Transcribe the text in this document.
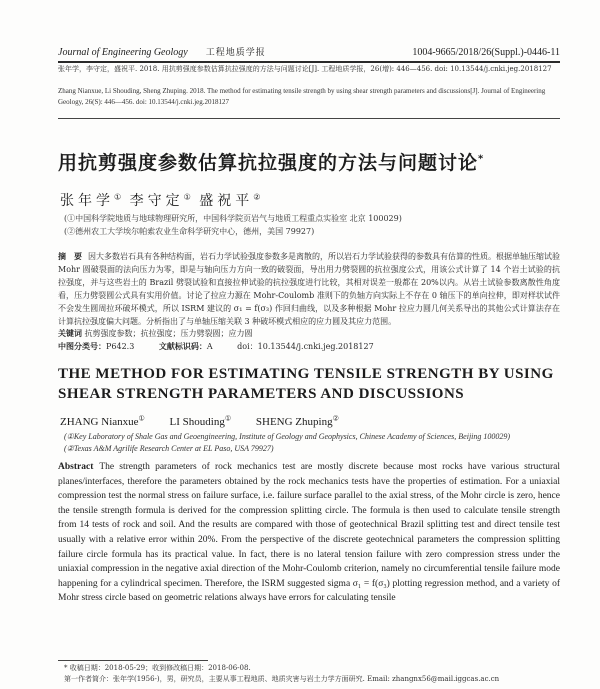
Journal of Engineering Geology 工程地质学报	1004-9665/2018/26(Suppl.)-0446-11
张年学，李守定，盛祝平. 2018. 用抗剪强度参数估算抗拉强度的方法与问题讨论[J]. 工程地质学报，26(增): 446—456. doi: 10.13544/j.cnki.jeg.2018127
Zhang Nianxue, Li Shouding, Sheng Zhuping. 2018. The method for estimating tensile strength by using shear strength parameters and discussions[J]. Journal of Engineering Geology, 26(S): 446—456. doi: 10.13544/j.cnki.jeg.2018127
用抗剪强度参数估算抗拉强度的方法与问题讨论*
张年学① 李守定① 盛祝平②
(①中国科学院地质与地球物理研究所，中国科学院页岩气与地质工程重点实验室 北京 100029)
(②德州农工大学埃尔帕索农业生命科学研究中心，德州，美国 79927)
摘　要 因大多数岩石具有各种结构面，岩石力学试验强度参数多是离散的，所以岩石力学试验获得的参数具有估算的性质。根据单轴压缩试验 Mohr 圆破裂面的法向压力为零，即是与轴向压力方向一致的破裂面，导出用力劈裂圆的抗拉强度公式，用该公式计算了 14 个岩土试验的抗拉强度，并与这些岩土的 Brazil 劈裂试验和直接拉伸试验的抗拉强度进行比较，其相对误差一般都在 20%以内。从岩土试验参数离散性角度看，压力劈裂圆公式具有实用价值。讨论了拉应力源在 Mohr-Coulomb 准则下的负轴方向实际上不存在 0 轴压下的单向拉伸，即对样状试件不会发生圆周拉环破坏模式，所以 ISRM 建议的 σ₁ = f(σ₃) 作回归曲线，以及多种根据 Mohr 拉应力圆几何关系导出的其他公式计算法存在计算抗拉强度偏大问题。分析指出了与单轴压缩关联 3 种破坏模式相应的应力圆及其应力范围。
关键词 抗剪强度参数；抗拉强度；压力劈裂圆；应力圆
中图分类号：P642.3	文献标识码：A	doi：10.13544/j.cnki.jeg.2018127
THE METHOD FOR ESTIMATING TENSILE STRENGTH BY USING SHEAR STRENGTH PARAMETERS AND DISCUSSIONS
ZHANG Nianxue① LI Shouding① SHENG Zhuping②
(①Key Laboratory of Shale Gas and Geoengineering, Institute of Geology and Geophysics, Chinese Academy of Sciences, Beijing 100029)
(②Texas A&M Agrilife Research Center at EL Paso, USA 79927)
Abstract The strength parameters of rock mechanics test are mostly discrete because most rocks have various structural planes/interfaces, therefore the parameters obtained by the rock mechanics tests have the properties of estimation. For a uniaxial compression test the normal stress on failure surface, i.e. failure surface parallel to the axial stress, of the Mohr circle is zero, hence the tensile strength formula is derived for the compression splitting circle. The formula is then used to calculate tensile strength from 14 tests of rock and soil. And the results are compared with those of geotechnical Brazil splitting test and direct tensile test usually with a relative error within 20%. From the perspective of the discrete geotechnical parameters the compression splitting failure circle formula has its practical value. In fact, there is no lateral tension failure with zero compression stress under the uniaxial compression in the negative axial direction of the Mohr-Coulomb criterion, namely no circumferential tensile failure mode happening for a cylindrical specimen. Therefore, the ISRM suggested sigma σ₁ = f(σ₃) plotting regression method, and a variety of Mohr stress circle based on geometric relations always have errors for calculating tensile
* 收稿日期：2018-05-29；收到修改稿日期：2018-06-08.
第一作者简介：张年学(1956-)，男，研究员，主要从事工程地质、地质灾害与岩土力学方面研究. Email: zhangnx56@mail.iggcas.ac.cn
